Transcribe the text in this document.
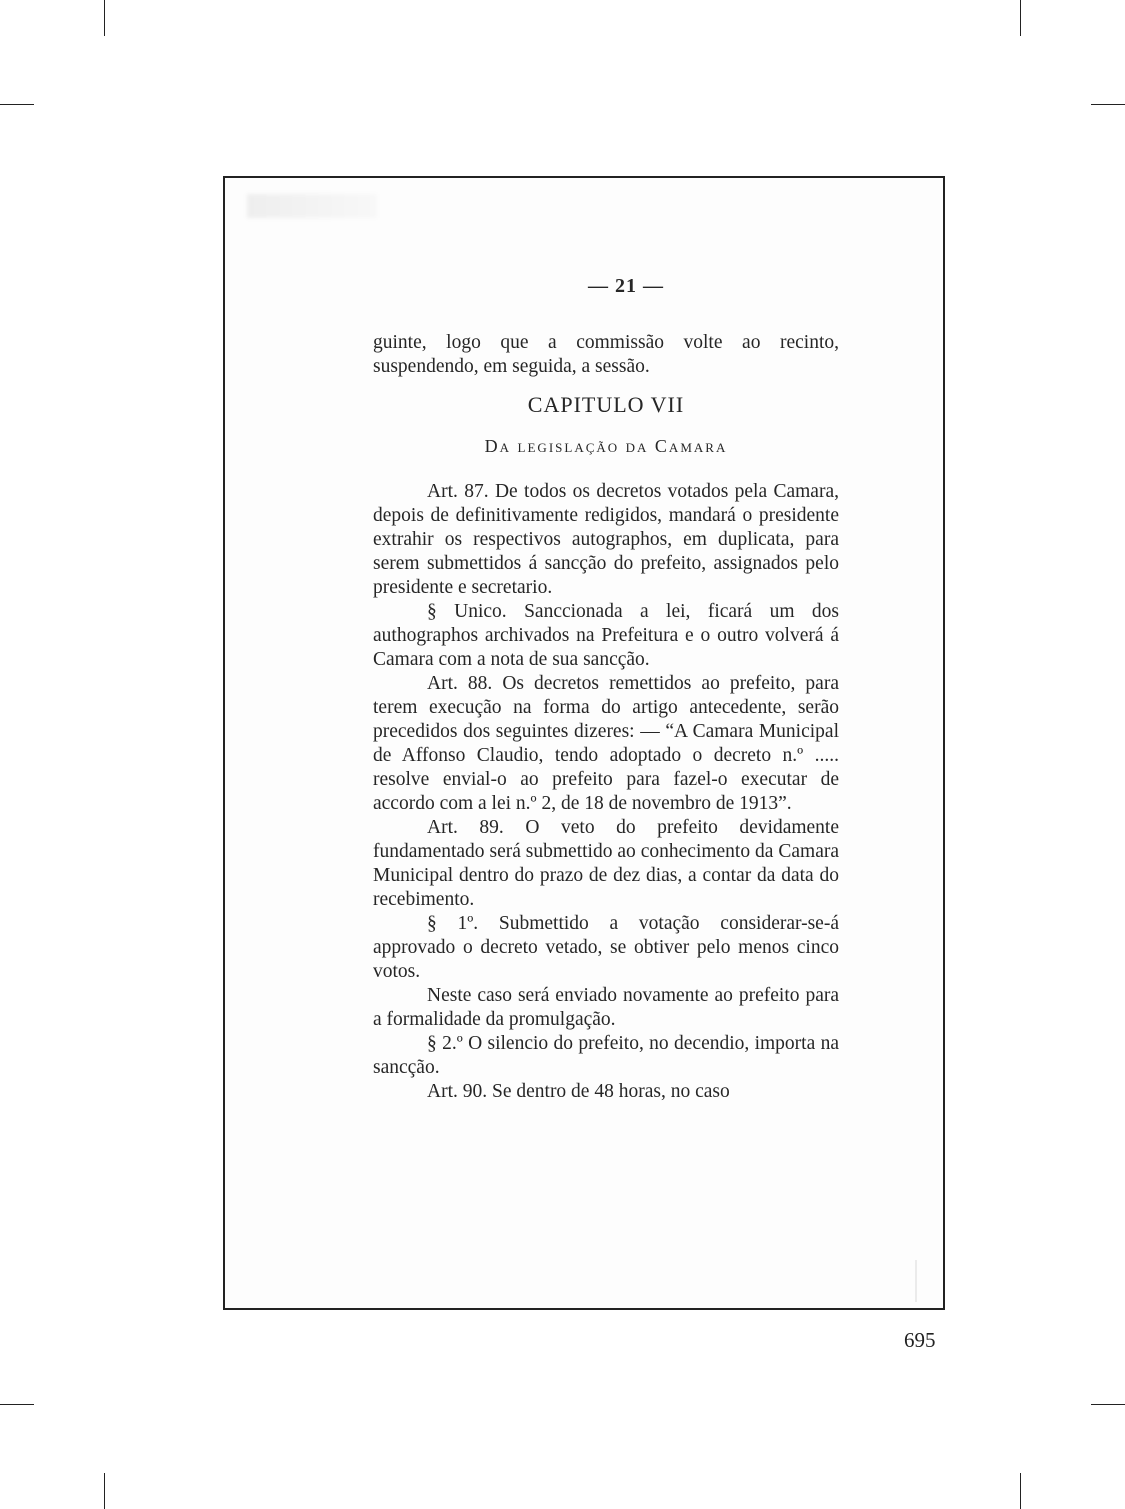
— 21 —

guinte, logo que a commissão volte ao recinto, suspendendo, em seguida, a sessão.

CAPITULO VII
Da legislação da Camara

Art. 87. De todos os decretos votados pela Camara, depois de definitivamente redigidos, mandará o presidente extrahir os respectivos autographos, em duplicata, para serem submettidos á sancção do prefeito, assignados pelo presidente e secretario.

§ Unico. Sanccionada a lei, ficará um dos authographos archivados na Prefeitura e o outro volverá á Camara com a nota de sua sancção.

Art. 88. Os decretos remettidos ao prefeito, para terem execução na forma do artigo antecedente, serão precedidos dos seguintes dizeres: — “A Camara Municipal de Affonso Claudio, tendo adoptado o decreto n.º ..... resolve envial-o ao prefeito para fazel-o executar de accordo com a lei n.º 2, de 18 de novembro de 1913”.

Art. 89. O veto do prefeito devidamente fundamentado será submettido ao conhecimento da Camara Municipal dentro do prazo de dez dias, a contar da data do recebimento.

§ 1º. Submettido a votação considerar-se-á approvado o decreto vetado, se obtiver pelo menos cinco votos.

Neste caso será enviado novamente ao prefeito para a formalidade da promulgação.

§ 2.º O silencio do prefeito, no decendio, importa na sancção.

Art. 90. Se dentro de 48 horas, no caso

695
